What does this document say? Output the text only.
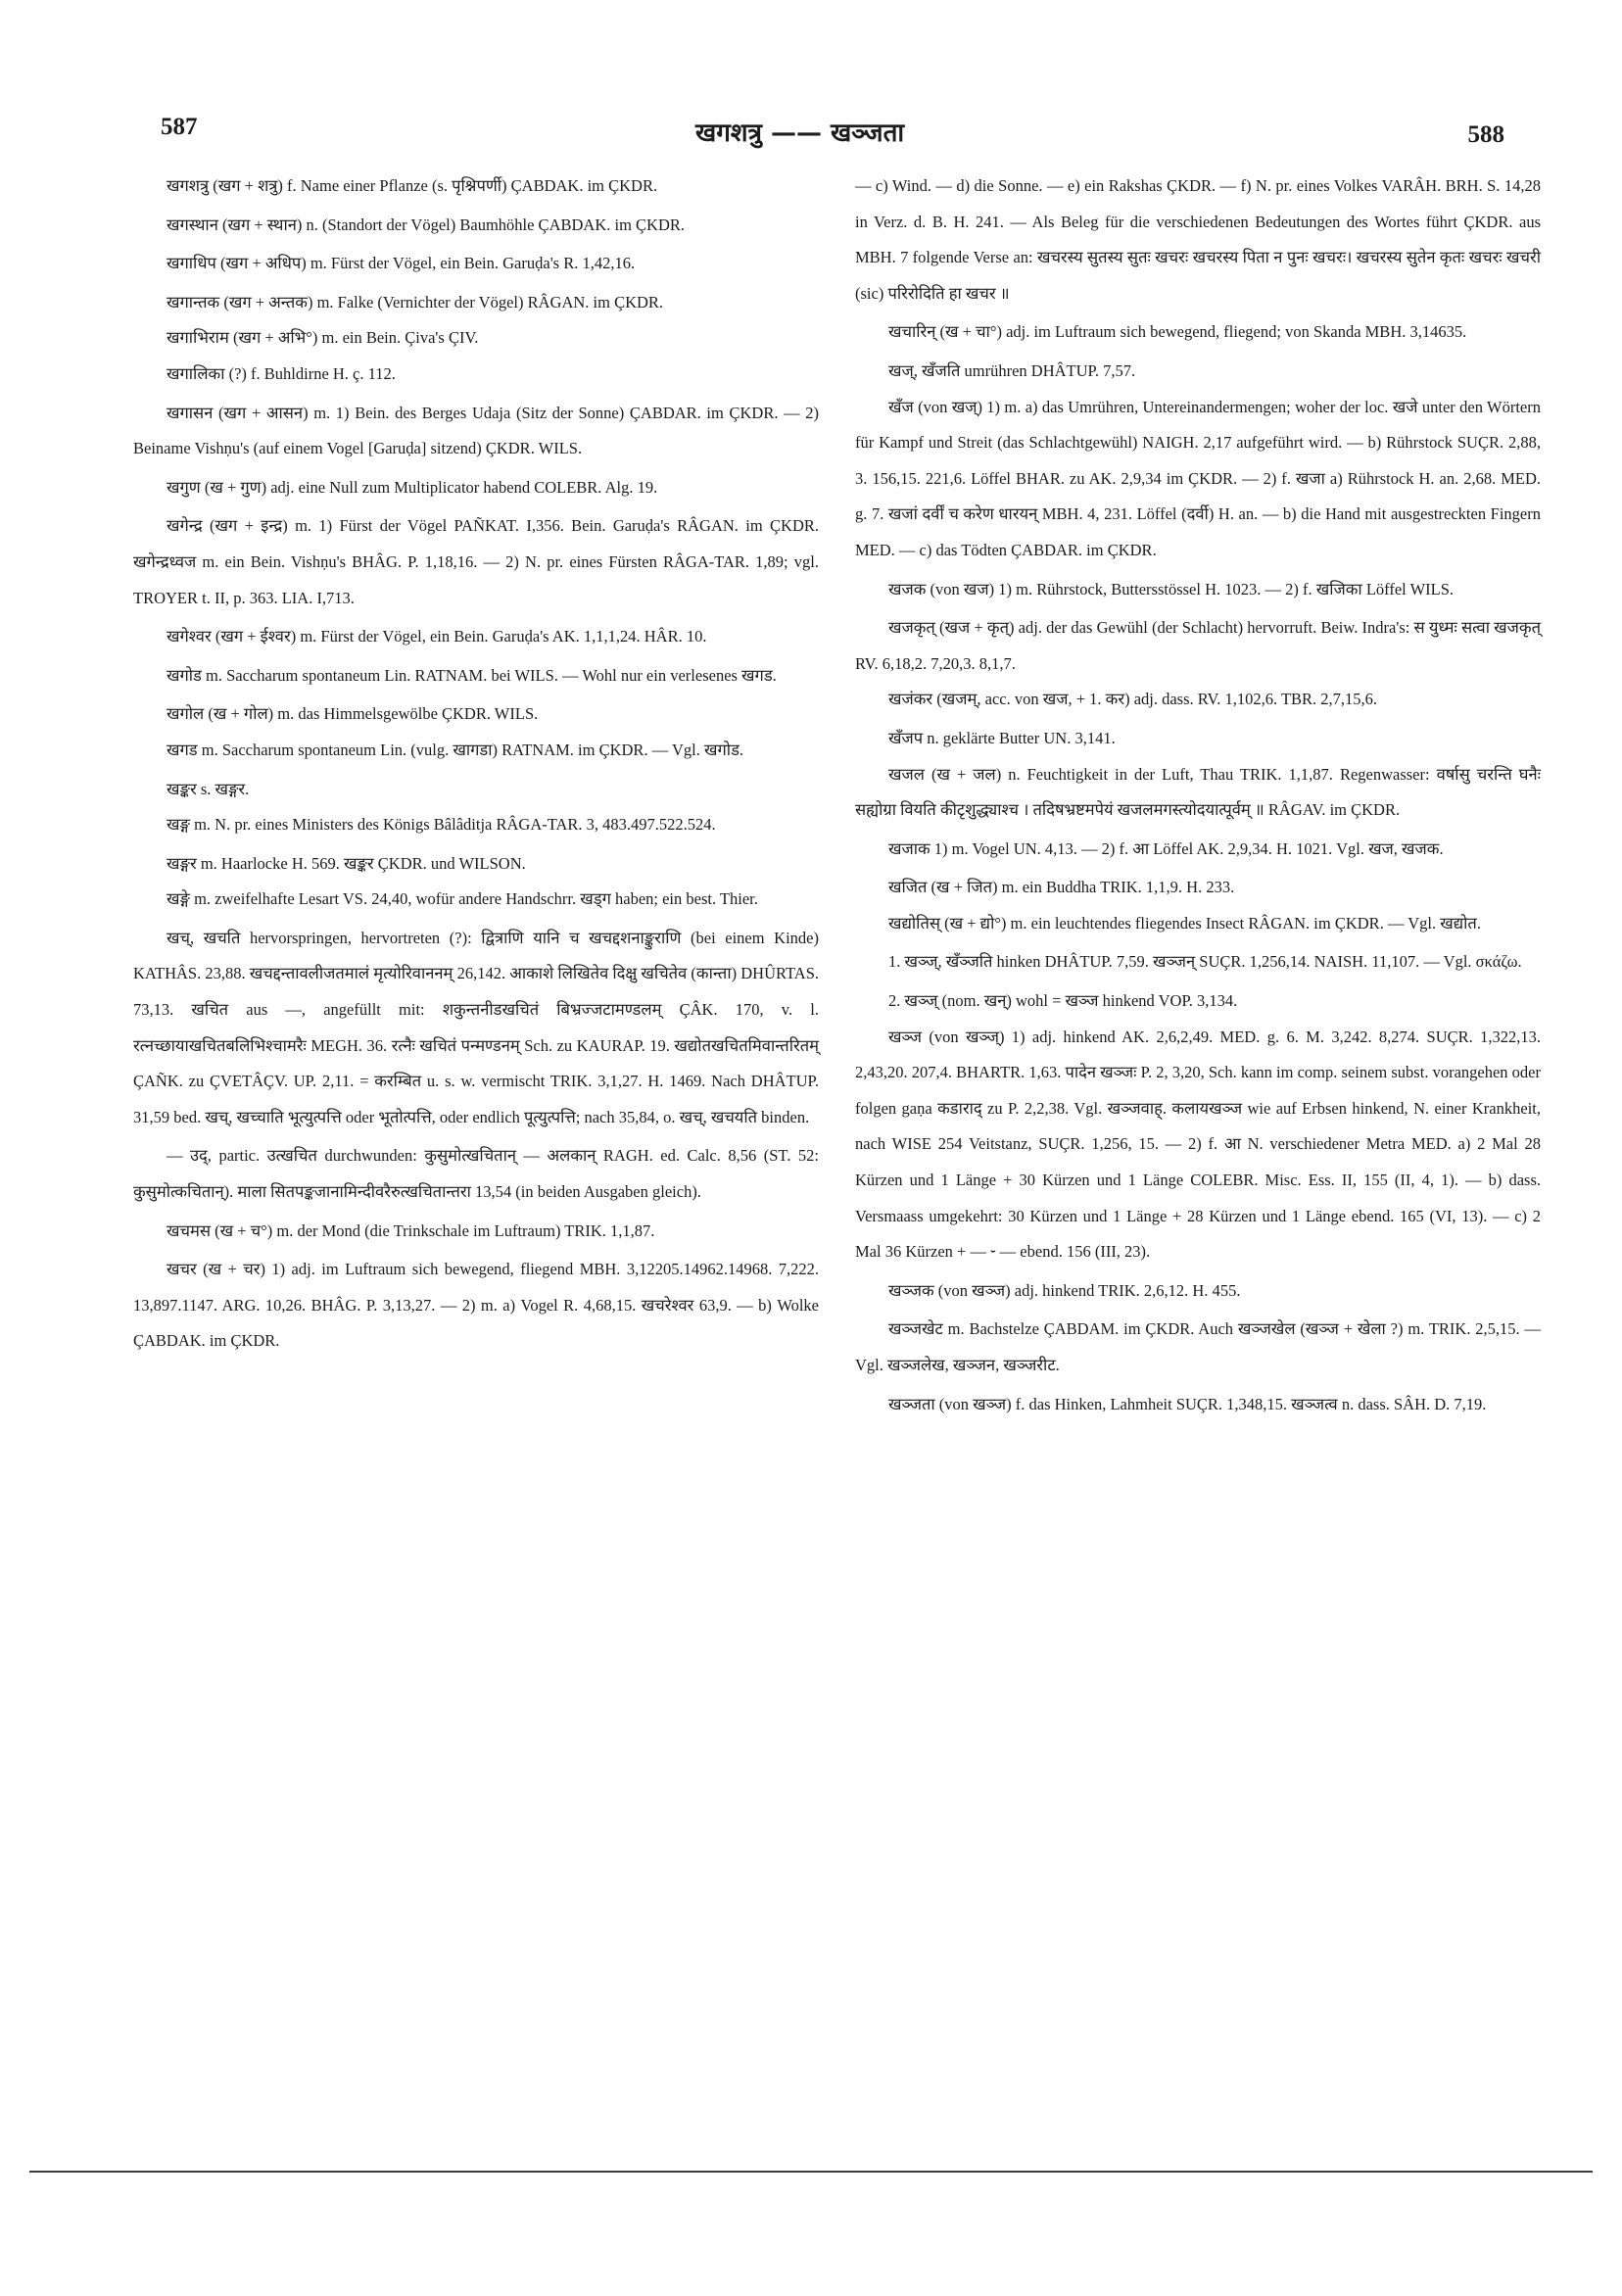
587	खगशत्रु —— खञ्जता	588

खगशत्रु (खग + शत्रु) f. Name einer Pflanze (s. पृश्निपर्णी) ÇABDAK. im ÇKDR.

खगस्थान (खग + स्थान) n. (Standort der Vögel) Baumhöhle ÇABDAK. im ÇKDR.

खगाधिप (खग + अधिप) m. Fürst der Vögel, ein Bein. Garuḍa's R. 1,42,16.

खगान्तक (खग + अन्तक) m. Falke (Vernichter der Vögel) RÂGAN. im ÇKDR.

खगाभिराम (खग + अभि°) m. ein Bein. Çiva's ÇIV.

खगालिका (?) f. Buhldirne H. ç. 112.

खगासन (खग + आसन) m. 1) Bein. des Berges Udaja (Sitz der Sonne) ÇABDAR. im ÇKDR. — 2) Beiname Vishṇu's (auf einem Vogel [Garuḍa] sitzend) ÇKDR. WILS.

खगुण (ख + गुण) adj. eine Null zum Multiplicator habend COLEBR. Alg. 19.

खगेन्द्र (खग + इन्द्र) m. 1) Fürst der Vögel PAÑKAT. I,356. Bein. Garuḍa's RÂGAN. im ÇKDR. खगेन्द्रध्वज m. ein Bein. Vishṇu's BHÂG. P. 1,18,16. — 2) N. pr. eines Fürsten RÂGA-TAR. 1,89; vgl. TROYER t. II, p. 363. LIA. I,713.

खगेश्वर (खग + ईश्वर) m. Fürst der Vögel, ein Bein. Garuḍa's AK. 1,1,1,24. HÂR. 10.

खगोड m. Saccharum spontaneum Lin. RATNAM. bei WILS. — Wohl nur ein verlesenes खगड.

खगोल (ख + गोल) m. das Himmelsgewölbe ÇKDR. WILS.

खगड m. Saccharum spontaneum Lin. (vulg. खागडा) RATNAM. im ÇKDR. — Vgl. खगोड.

खङ्कर s. खङ्गर.

खङ्ग m. N. pr. eines Ministers des Königs Bâlâditja RÂGA-TAR. 3, 483.497.522.524.

खङ्गर m. Haarlocke H. 569. खङ्कर ÇKDR. und WILSON.

खङ्गे m. zweifelhafte Lesart VS. 24,40, wofür andere Handschrr. खड्ग haben; ein best. Thier.

खच्, खचति hervorspringen, hervortreten (?): द्वित्राणि यानि च खचद्दशनाङ्कुराणि (bei einem Kinde) KATHÂS. 23,88. खचद्दन्तावलीजतमालं मृत्योरिवाननम् 26,142. आकाशे लिखितेव दिक्षु खचितेव (कान्ता) DHÛRTAS. 73,13. खचित aus —, angefüllt mit: शकुन्तनीडखचितं बिभ्रज्जटामण्डलम् ÇÂK. 170, v. l. रत्नच्छायाखचितबलिभिश्चामरैः MEGH. 36. रत्नैः खचितं पन्मण्डनम् Sch. zu KAURAP. 19. खद्योतखचितमिवान्तरितम् ÇAÑK. zu ÇVETÂÇV. UP. 2,11. = करम्बित u. s. w. vermischt TRIK. 3,1,27. H. 1469. Nach DHÂTUP. 31,59 bed. खच्, खच्चाति भूत्युत्पत्ति oder भूतोत्पत्ति, oder endlich पूत्युत्पत्ति; nach 35,84, o. खच्, खचयति binden.

— उद्, partic. उत्खचित durchwunden: कुसुमोत्खचितान् — अलकान् RAGH. ed. Calc. 8,56 (ST. 52: कुसुमोत्कचितान्). माला सितपङ्कजानामिन्दीवरैरुत्खचितान्तरा 13,54 (in beiden Ausgaben gleich).

खचमस (ख + च°) m. der Mond (die Trinkschale im Luftraum) TRIK. 1,1,87.

खचर (ख + चर) 1) adj. im Luftraum sich bewegend, fliegend MBH. 3,12205.14962.14968. 7,222. 13,897.1147. ARG. 10,26. BHÂG. P. 3,13,27. — 2) m. a) Vogel R. 4,68,15. खचरेश्वर 63,9. — b) Wolke ÇABDAK. im ÇKDR.

— c) Wind. — d) die Sonne. — e) ein Rakshas ÇKDR. — f) N. pr. eines Volkes VARÂH. BRH. S. 14,28 in Verz. d. B. H. 241. — Als Beleg für die verschiedenen Bedeutungen des Wortes führt ÇKDR. aus MBH. 7 folgende Verse an: खचरस्य सुतस्य सुतः खचरः खचरस्य पिता न पुनः खचरः। खचरस्य सुतेन कृतः खचरः खचरी (sic) परिरोदिति हा खचर ॥

खचारिन् (ख + चा°) adj. im Luftraum sich bewegend, fliegend; von Skanda MBH. 3,14635.

खज्, खँजति umrühren DHÂTUP. 7,57.

खँज (von खज्) 1) m. a) das Umrühren, Untereinandermengen; woher der loc. खजे unter den Wörtern für Kampf und Streit (das Schlachtgewühl) NAIGH. 2,17 aufgeführt wird. — b) Rührstock SUÇR. 2,88, 3. 156,15. 221,6. Löffel BHAR. zu AK. 2,9,34 im ÇKDR. — 2) f. खजा a) Rührstock H. an. 2,68. MED. g. 7. खजां दर्वीं च करेण धारयन् MBH. 4, 231. Löffel (दर्वी) H. an. — b) die Hand mit ausgestreckten Fingern MED. — c) das Tödten ÇABDAR. im ÇKDR.

खजक (von खज) 1) m. Rührstock, Buttersstössel H. 1023. — 2) f. खजिका Löffel WILS.

खजकृत् (खज + कृत्) adj. der das Gewühl (der Schlacht) hervorruft. Beiw. Indra's: स युध्मः सत्वा खजकृत् RV. 6,18,2. 7,20,3. 8,1,7.

खजंकर (खजम्, acc. von खज, + 1. कर) adj. dass. RV. 1,102,6. TBR. 2,7,15,6.

खँजप n. geklärte Butter UN. 3,141.

खजल (ख + जल) n. Feuchtigkeit in der Luft, Thau TRIK. 1,1,87. Regenwasser: वर्षासु चरन्ति घनैः सह्योग्रा वियति कीटृशुद्ध्याश्च । तदिषभ्रष्टमपेयं खजलमगस्त्योदयात्पूर्वम् ॥ RÂGAV. im ÇKDR.

खजाक 1) m. Vogel UN. 4,13. — 2) f. आ Löffel AK. 2,9,34. H. 1021. Vgl. खज, खजक.

खजित (ख + जित) m. ein Buddha TRIK. 1,1,9. H. 233.

खद्योतिस् (ख + द्यो°) m. ein leuchtendes fliegendes Insect RÂGAN. im ÇKDR. — Vgl. खद्योत.

1. खञ्ज्, खँञ्जति hinken DHÂTUP. 7,59. खञ्जन् SUÇR. 1,256,14. NAISH. 11,107. — Vgl. σκάζω.

2. खञ्ज् (nom. खन्) wohl = खञ्ज hinkend VOP. 3,134.

खञ्ज (von खञ्ज्) 1) adj. hinkend AK. 2,6,2,49. MED. g. 6. M. 3,242. 8,274. SUÇR. 1,322,13. 2,43,20. 207,4. BHARTR. 1,63. पादेन खञ्जः P. 2, 3,20, Sch. kann im comp. seinem subst. vorangehen oder folgen gaṇa कडाराद् zu P. 2,2,38. Vgl. खञ्जवाह्. कलायखञ्ज wie auf Erbsen hinkend, N. einer Krankheit, nach WISE 254 Veitstanz, SUÇR. 1,256, 15. — 2) f. आ N. verschiedener Metra MED. a) 2 Mal 28 Kürzen und 1 Länge + 30 Kürzen und 1 Länge COLEBR. Misc. Ess. II, 155 (II, 4, 1). — b) dass. Versmaass umgekehrt: 30 Kürzen und 1 Länge + 28 Kürzen und 1 Länge ebend. 165 (VI, 13). — c) 2 Mal 36 Kürzen + — ⏑ — ebend. 156 (III, 23).

खञ्जक (von खञ्ज) adj. hinkend TRIK. 2,6,12. H. 455.

खञ्जखेट m. Bachstelze ÇABDAM. im ÇKDR. Auch खञ्जखेल (खञ्ज + खेला ?) m. TRIK. 2,5,15. — Vgl. खञ्जलेख, खञ्जन, खञ्जरीट.

खञ्जता (von खञ्ज) f. das Hinken, Lahmheit SUÇR. 1,348,15. खञ्जत्व n. dass. SÂH. D. 7,19.
